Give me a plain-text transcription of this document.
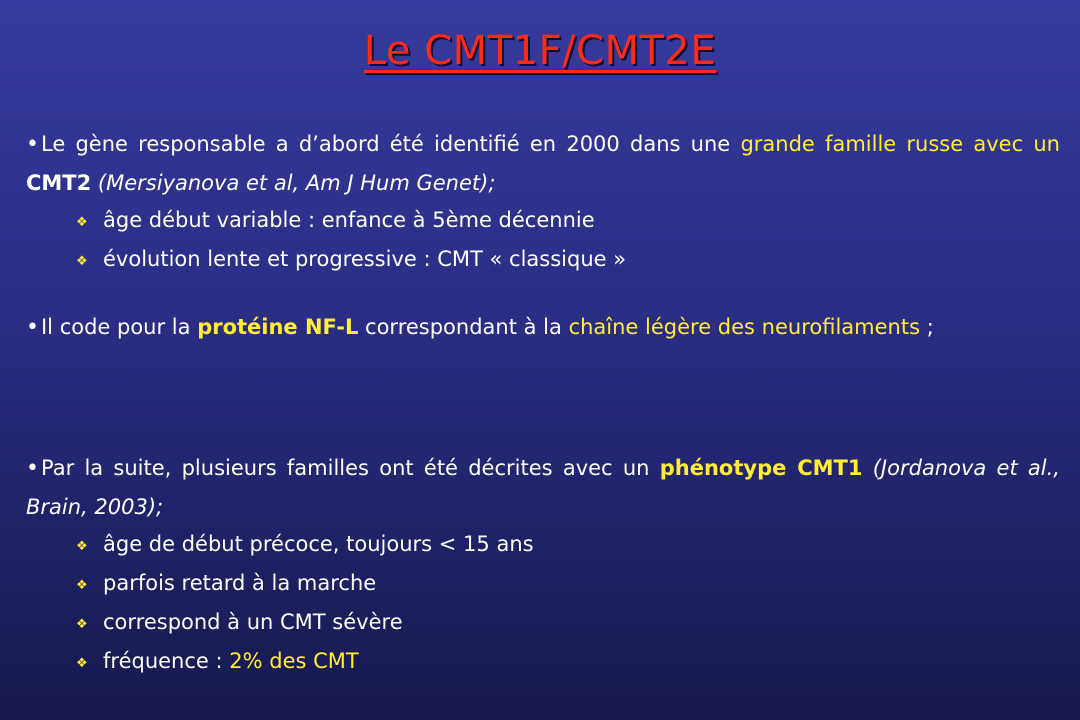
Le CMT1F/CMT2E
•Le gène responsable a d’abord été identifié en 2000 dans une grande famille russe avec un CMT2 (Mersiyanova et al, Am J Hum Genet);
❖ âge début variable : enfance à 5ème décennie
❖ évolution lente et progressive : CMT « classique »
•Il code pour la protéine NF-L correspondant à la chaîne légère des neurofilaments ;
•Par la suite, plusieurs familles ont été décrites avec un phénotype CMT1 (Jordanova et al., Brain, 2003);
❖ âge de début précoce, toujours < 15 ans
❖ parfois retard à la marche
❖ correspond à un CMT sévère
❖ fréquence : 2% des CMT
